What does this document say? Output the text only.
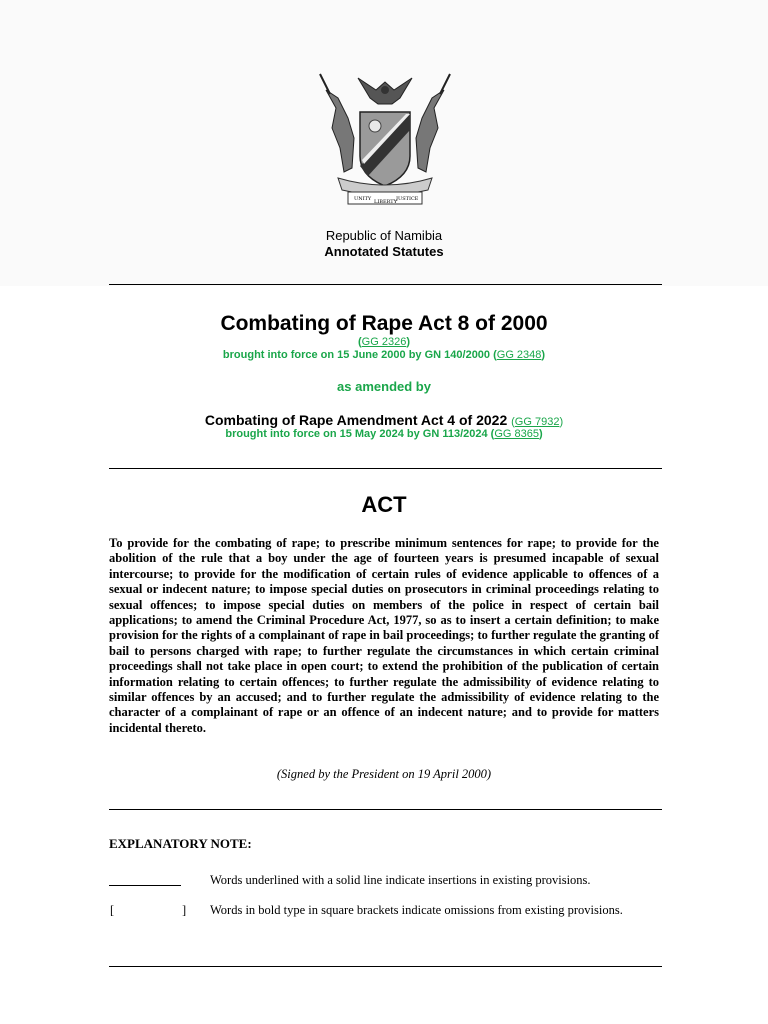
UNITY LIBERTY JUSTICE
Republic of Namibia
Annotated Statutes
Combating of Rape Act 8 of 2000
(GG 2326)
brought into force on 15 June 2000 by GN 140/2000 (GG 2348)
as amended by
Combating of Rape Amendment Act 4 of 2022 (GG 7932)
brought into force on 15 May 2024 by GN 113/2024 (GG 8365)
ACT
To provide for the combating of rape; to prescribe minimum sentences for rape; to provide for the abolition of the rule that a boy under the age of fourteen years is presumed incapable of sexual intercourse; to provide for the modification of certain rules of evidence applicable to offences of a sexual or indecent nature; to impose special duties on prosecutors in criminal proceedings relating to sexual offences; to impose special duties on members of the police in respect of certain bail applications; to amend the Criminal Procedure Act, 1977, so as to insert a certain definition; to make provision for the rights of a complainant of rape in bail proceedings; to further regulate the granting of bail to persons charged with rape; to further regulate the circumstances in which certain criminal proceedings shall not take place in open court; to extend the prohibition of the publication of certain information relating to certain offences; to further regulate the admissibility of evidence relating to similar offences by an accused; and to further regulate the admissibility of evidence relating to the character of a complainant of rape or an offence of an indecent nature; and to provide for matters incidental thereto.
(Signed by the President on 19 April 2000)
EXPLANATORY NOTE:
Words underlined with a solid line indicate insertions in existing provisions.
[	] Words in bold type in square brackets indicate omissions from existing provisions.
